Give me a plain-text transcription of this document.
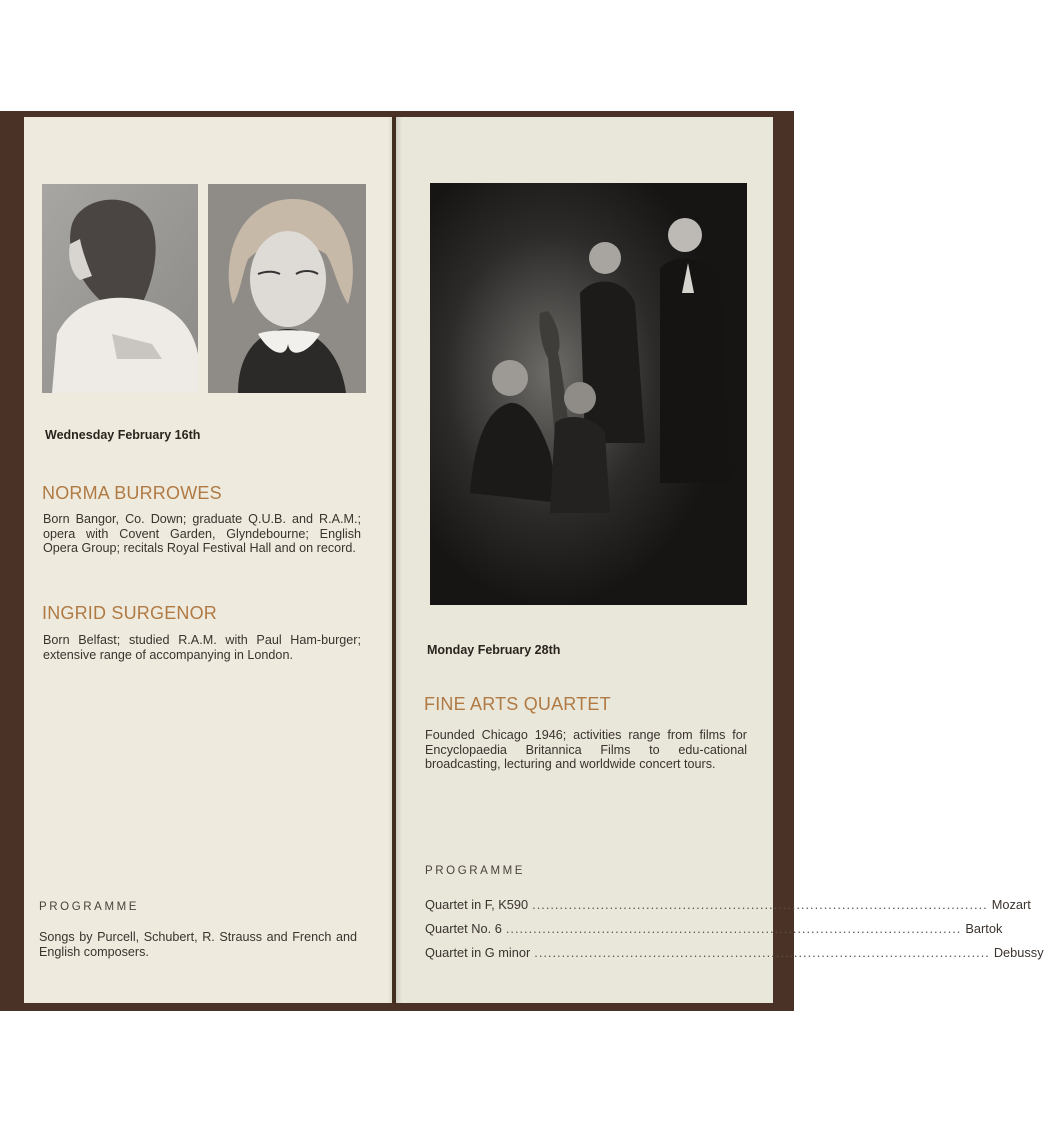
Wednesday February 16th
NORMA BURROWES
Born Bangor, Co. Down; graduate Q.U.B. and R.A.M.; opera with Covent Garden, Glyndebourne; English Opera Group; recitals Royal Festival Hall and on record.
INGRID SURGENOR
Born Belfast; studied R.A.M. with Paul Ham-burger; extensive range of accompanying in London.
PROGRAMME
Songs by Purcell, Schubert, R. Strauss and French and English composers.
Monday February 28th
FINE ARTS QUARTET
Founded Chicago 1946; activities range from films for Encyclopaedia Britannica Films to edu-cational broadcasting, lecturing and worldwide concert tours.
PROGRAMME
Quartet in F, K590 .................................................................................................... Mozart
Quartet No. 6 .................................................................................................... Bartok
Quartet in G minor .................................................................................................... Debussy
